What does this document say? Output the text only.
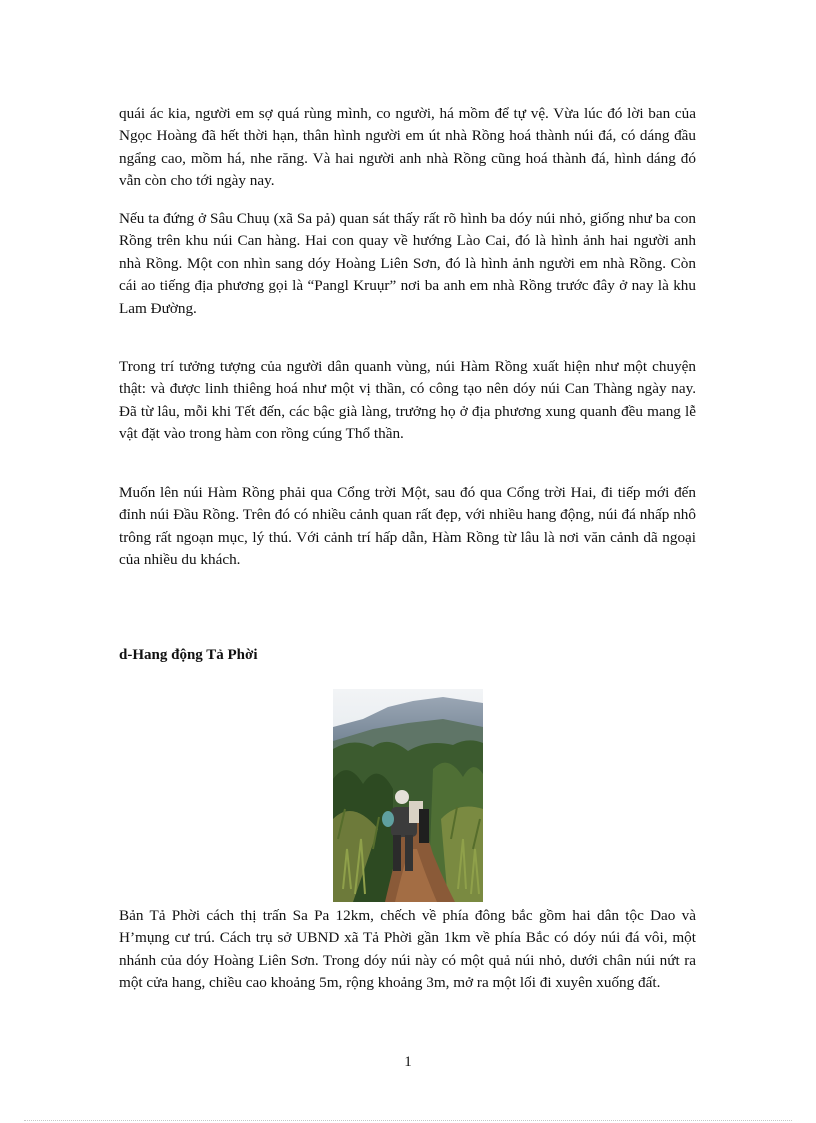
quái ác kia, người em sợ quá rùng mình, co người, há mồm để tự vệ. Vừa lúc đó lời ban của Ngọc Hoàng đã hết thời hạn, thân hình người em út nhà Rồng hoá thành núi đá, có dáng đầu ngẩng cao, mồm há, nhe răng. Và hai người anh nhà Rồng cũng hoá thành đá, hình dáng đó vẫn còn cho tới ngày nay.

Nếu ta đứng ở Sâu Chuụ (xã Sa pả) quan sát thấy rất rõ hình ba dóy núi nhỏ, giống như ba con Rồng trên khu núi Can hàng. Hai con quay về hướng Lào Cai, đó là hình ảnh hai người anh nhà Rồng. Một con nhìn sang dóy Hoàng Liên Sơn, đó là hình ảnh người em nhà Rồng. Còn cái ao tiếng địa phương gọi là “Pangl Kruụr” nơi ba anh em nhà Rồng trước đây ở nay là khu Lam Đường.

Trong trí tưởng tượng của người dân quanh vùng, núi Hàm Rồng xuất hiện như một chuyện thật: và được linh thiêng hoá như một vị thần, có công tạo nên dóy núi Can Thàng ngày nay. Đã từ lâu, mỗi khi Tết đến, các bậc già làng, trưởng họ ở địa phương xung quanh đều mang lễ vật đặt vào trong hàm con rồng cúng Thổ thần.

Muốn lên núi Hàm Rồng phải qua Cổng trời Một, sau đó qua Cổng trời Hai, đi tiếp mới đến đỉnh núi Đầu Rồng. Trên đó có nhiều cảnh quan rất đẹp, với nhiều hang động, núi đá nhấp nhô trông rất ngoạn mục, lý thú. Với cảnh trí hấp dẫn, Hàm Rồng từ lâu là nơi văn cảnh dã ngoại của nhiều du khách.

d-Hang động Tả Phời

Bản Tả Phời cách thị trấn Sa Pa 12km, chếch về phía đông bắc gồm hai dân tộc Dao và H’mụng cư trú. Cách trụ sở UBND xã Tả Phời gần 1km về phía Bắc có dóy núi đá vôi, một nhánh của dóy Hoàng Liên Sơn. Trong dóy núi này có một quả núi nhỏ, dưới chân núi nứt ra một cửa hang, chiều cao khoảng 5m, rộng khoảng 3m, mở ra một lối đi xuyên xuống đất.

1
